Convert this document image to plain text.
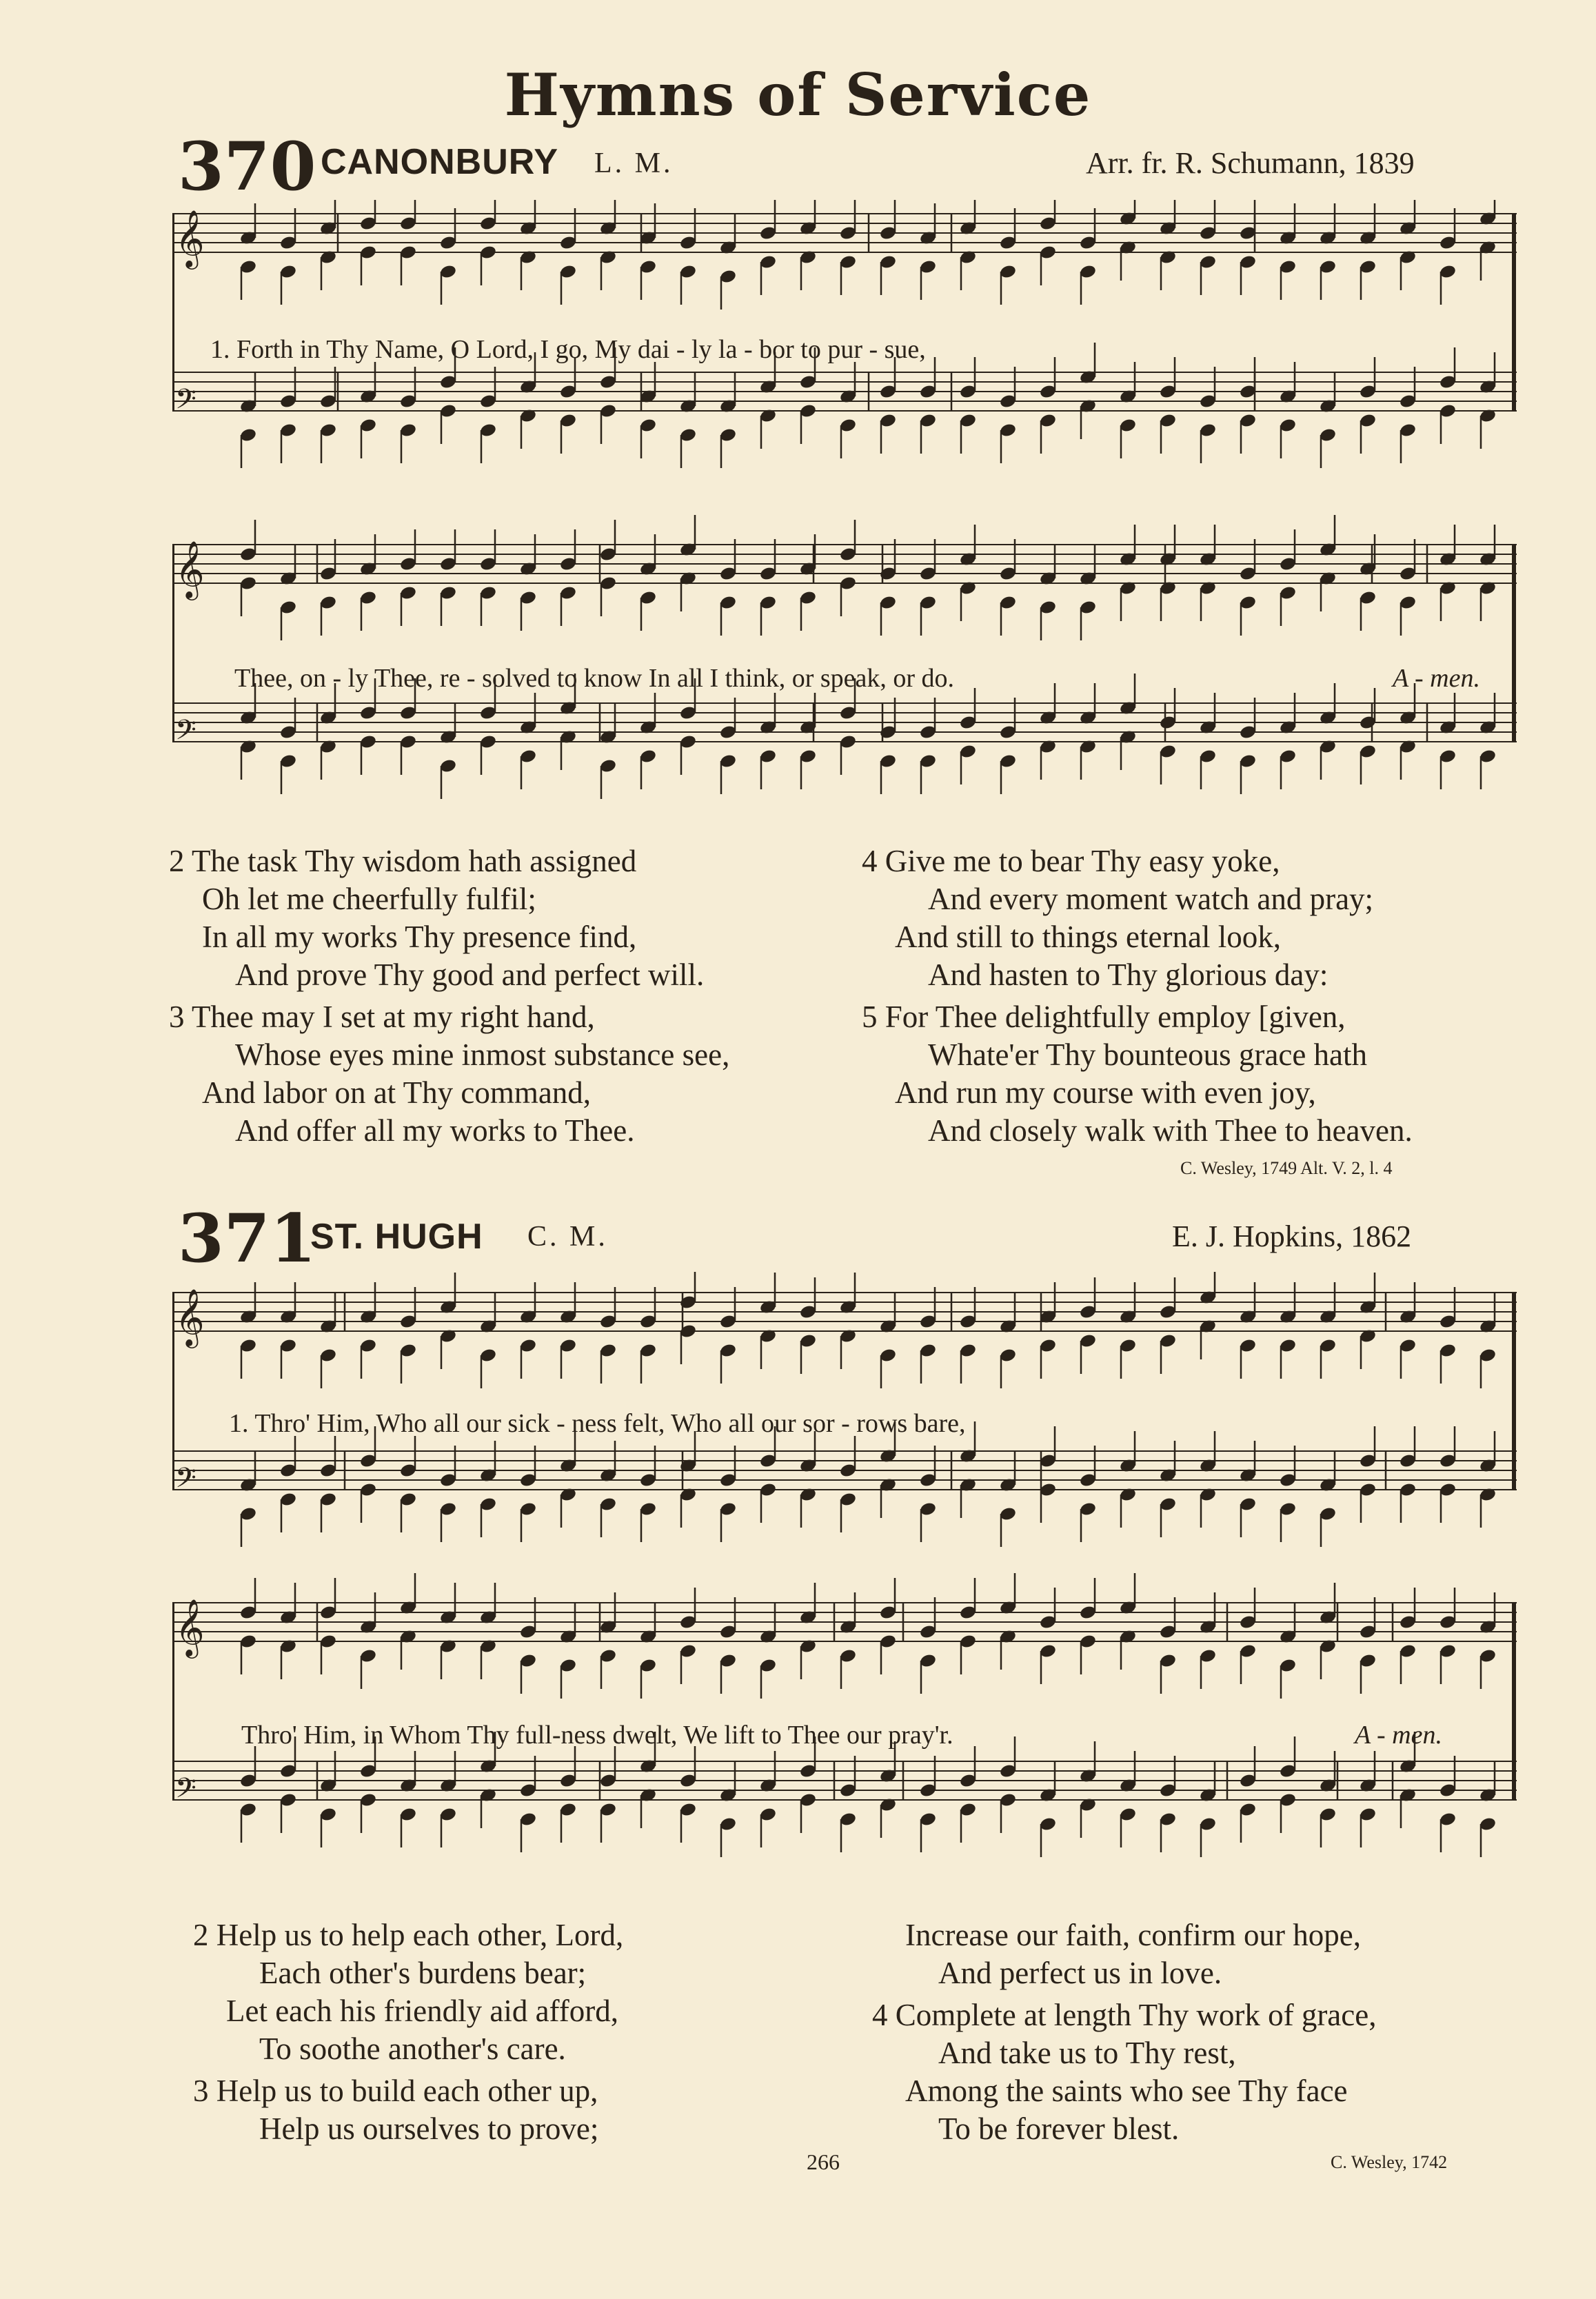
Hymns of Service
370 CANONBURY L. M.	Arr. fr. R. Schumann, 1839
𝄞
𝄢
𝄞
𝄢
1. Forth in Thy Name, O Lord, I go, My dai - ly la - bor to pur - sue,
Thee, on - ly Thee, re - solved to know In all I think, or speak, or do.	A - men.
2 The task Thy wisdom hath assigned
Oh let me cheerfully fulfil;
In all my works Thy presence find,
And prove Thy good and perfect will.
3 Thee may I set at my right hand,
Whose eyes mine inmost substance see,
And labor on at Thy command,
And offer all my works to Thee.
4 Give me to bear Thy easy yoke,
And every moment watch and pray;
And still to things eternal look,
And hasten to Thy glorious day:
5 For Thee delightfully employ [given,
Whate'er Thy bounteous grace hath
And run my course with even joy,
And closely walk with Thee to heaven.
C. Wesley, 1749 Alt. V. 2, l. 4
371
ST. HUGH C. M.	E. J. Hopkins, 1862
𝄞
𝄢
𝄞
𝄢
1. Thro' Him, Who all our sick - ness felt, Who all our sor - rows bare,
Thro' Him, in Whom Thy full-ness dwelt, We lift to Thee our pray'r.	A - men.
2 Help us to help each other, Lord,
Each other's burdens bear;
Let each his friendly aid afford,
To soothe another's care.
3 Help us to build each other up,
Help us ourselves to prove;
Increase our faith, confirm our hope,
And perfect us in love.
4 Complete at length Thy work of grace,
And take us to Thy rest,
Among the saints who see Thy face
To be forever blest.
C. Wesley, 1742
266
